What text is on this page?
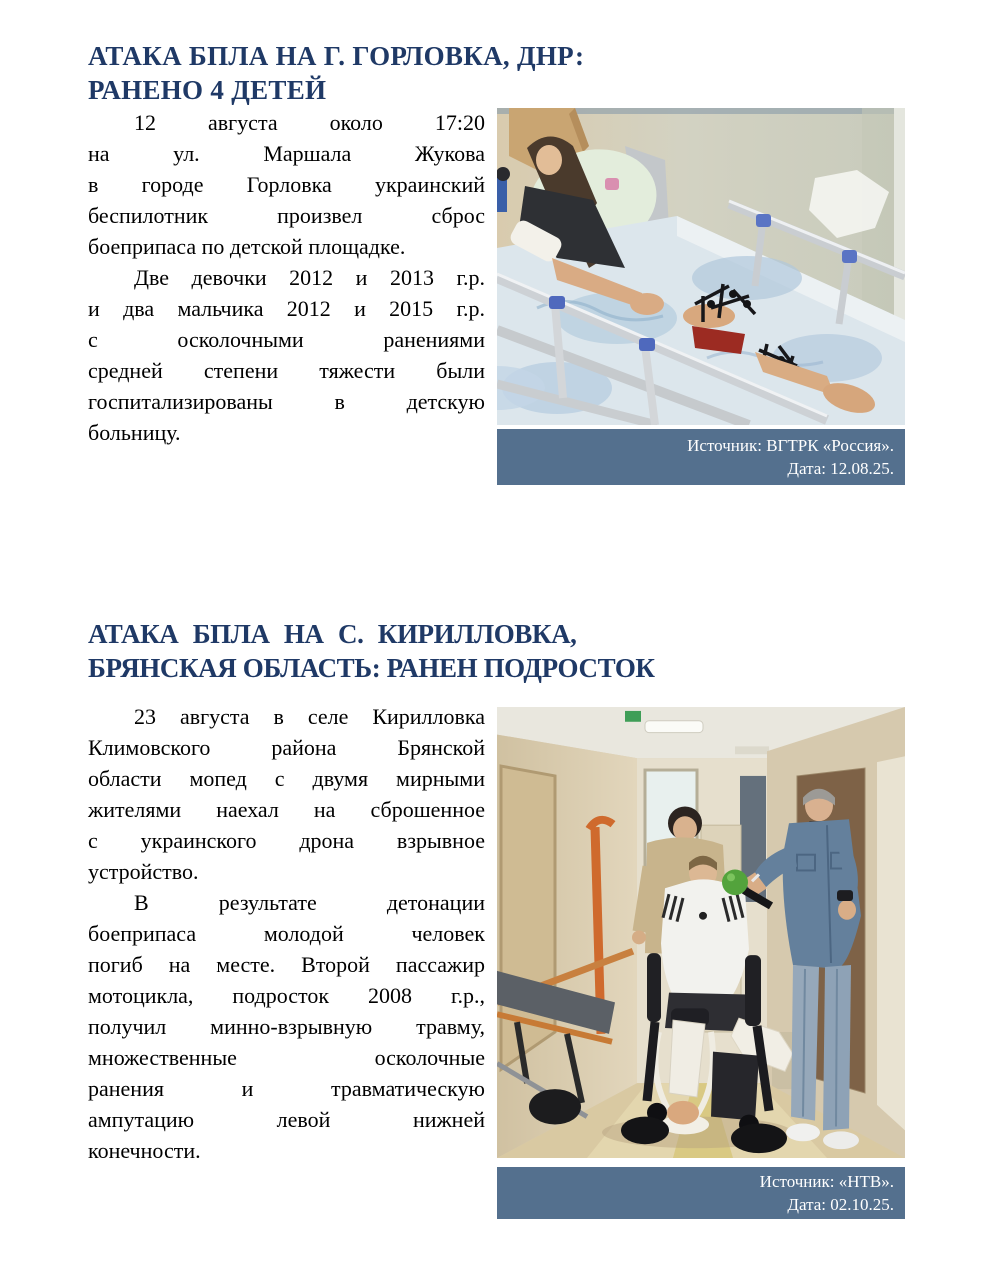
АТАКА БПЛА НА Г. ГОРЛОВКА, ДНР:
РАНЕНО 4 ДЕТЕЙ
12 августа около 17:20
на ул. Маршала Жукова
в городе Горловка украинский
беспилотник произвел сброс
боеприпаса по детской площадке.
Две девочки 2012 и 2013 г.р.
и два мальчика 2012 и 2015 г.р.
с осколочными ранениями
средней степени тяжести были
госпитализированы в детскую
больницу.
Источник: ВГТРК «Россия».
Дата: 12.08.25.
АТАКА БПЛА НА С. КИРИЛЛОВКА,
БРЯНСКАЯ ОБЛАСТЬ: РАНЕН ПОДРОСТОК
23 августа в селе Кирилловка
Климовского района Брянской
области мопед с двумя мирными
жителями наехал на сброшенное
с украинского дрона взрывное
устройство.
В результате детонации
боеприпаса молодой человек
погиб на месте. Второй пассажир
мотоцикла, подросток 2008 г.р.,
получил минно-взрывную травму,
множественные осколочные
ранения и травматическую
ампутацию левой нижней
конечности.
Источник: «НТВ».
Дата: 02.10.25.
